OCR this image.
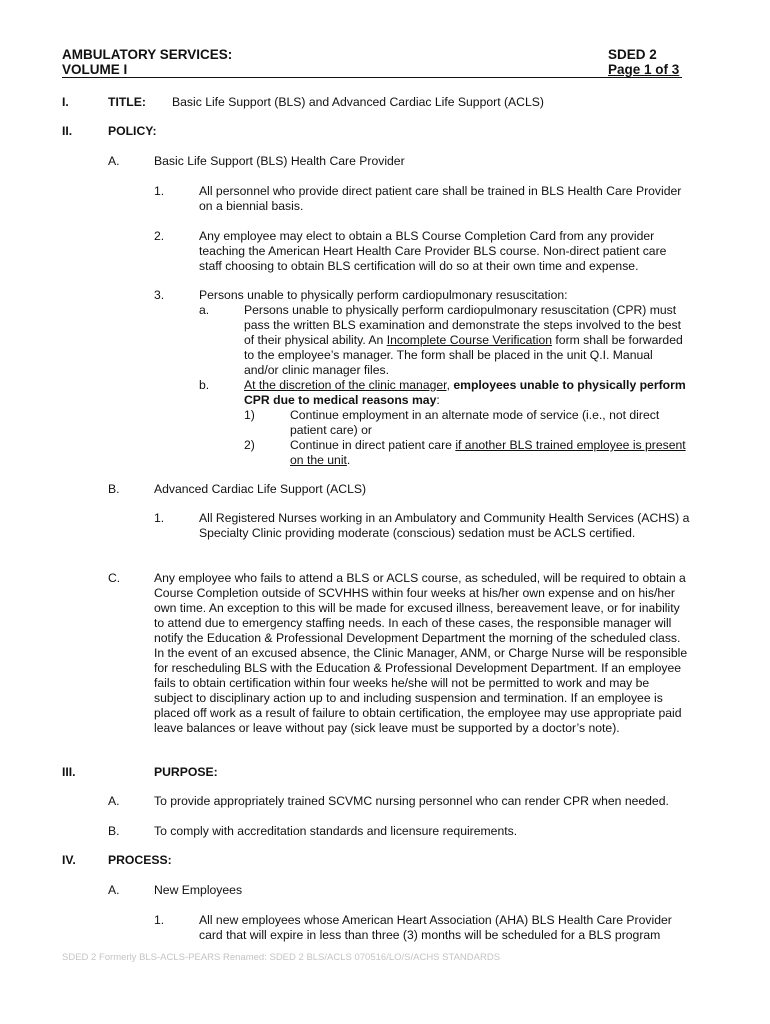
AMBULATORY SERVICES:
VOLUME I
SDED 2
Page 1 of 3
I.	TITLE: Basic Life Support (BLS) and Advanced Cardiac Life Support (ACLS)
II.	POLICY:
A.	Basic Life Support (BLS) Health Care Provider
1.	All personnel who provide direct patient care shall be trained in BLS Health Care Provider
on a biennial basis.
2.	Any employee may elect to obtain a BLS Course Completion Card from any provider
teaching the American Heart Health Care Provider BLS course. Non-direct patient care
staff choosing to obtain BLS certification will do so at their own time and expense.
3.	Persons unable to physically perform cardiopulmonary resuscitation:
a.	Persons unable to physically perform cardiopulmonary resuscitation (CPR) must
pass the written BLS examination and demonstrate the steps involved to the best
of their physical ability. An Incomplete Course Verification form shall be forwarded
to the employee’s manager. The form shall be placed in the unit Q.I. Manual
and/or clinic manager files.
b.	At the discretion of the clinic manager, employees unable to physically perform
CPR due to medical reasons may:
1)	Continue employment in an alternate mode of service (i.e., not direct
patient care) or
2)	Continue in direct patient care if another BLS trained employee is present
on the unit.
B.	Advanced Cardiac Life Support (ACLS)
1.	All Registered Nurses working in an Ambulatory and Community Health Services (ACHS) a
Specialty Clinic providing moderate (conscious) sedation must be ACLS certified.
C.	Any employee who fails to attend a BLS or ACLS course, as scheduled, will be required to obtain a
Course Completion outside of SCVHHS within four weeks at his/her own expense and on his/her
own time. An exception to this will be made for excused illness, bereavement leave, or for inability
to attend due to emergency staffing needs. In each of these cases, the responsible manager will
notify the Education & Professional Development Department the morning of the scheduled class.
In the event of an excused absence, the Clinic Manager, ANM, or Charge Nurse will be responsible
for rescheduling BLS with the Education & Professional Development Department. If an employee
fails to obtain certification within four weeks he/she will not be permitted to work and may be
subject to disciplinary action up to and including suspension and termination. If an employee is
placed off work as a result of failure to obtain certification, the employee may use appropriate paid
leave balances or leave without pay (sick leave must be supported by a doctor’s note).
III.	PURPOSE:
A.	To provide appropriately trained SCVMC nursing personnel who can render CPR when needed.
B.	To comply with accreditation standards and licensure requirements.
IV.	PROCESS:
A.	New Employees
1.	All new employees whose American Heart Association (AHA) BLS Health Care Provider
card that will expire in less than three (3) months will be scheduled for a BLS program
SDED 2 Formerly BLS-ACLS-PEARS Renamed: SDED 2 BLS/ACLS 070516/LO/S/ACHS STANDARDS
